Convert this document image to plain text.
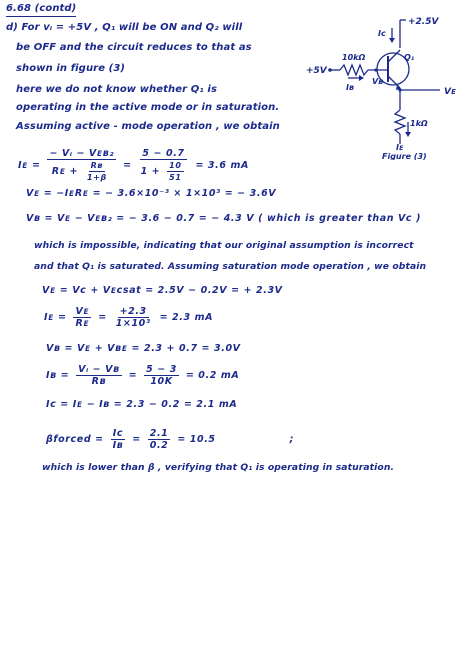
6.68 (contd)
d) For vᵢ = +5V , Q₁ will be ON and Q₂ will
be OFF and the circuit reduces to that as
shown in figure (3)
here we do not know whether Q₁ is
operating in the active mode or in saturation.
Assuming active - mode operation , we obtain
+2.5V
Iᴄ
Q₁
10kΩ
+5V
Iʙ
Vʙ
Vᴇ
1kΩ
Iᴇ
Figure (3)
Iᴇ = $\frac{\text{− Vᵢ − Vᴇʙ₂}}{Rᴇ + \frac{\text{Rʙ}}{1+\beta}} = \frac{5 - 0.7}{1 + \frac{10}{51}} = 3.6$ mA
Vᴇ = −IᴇRᴇ = − 3.6×10⁻³ × 1×10³ = − 3.6V
Vʙ = Vᴇ − Vᴇʙ₂ = − 3.6 − 0.7 = − 4.3 V ( which is greater than Vᴄ )
which is impossible, indicating that our original assumption is incorrect
and that Q₁ is saturated. Assuming saturation mode operation , we obtain
Vᴇ = Vᴄ + Vᴇᴄsat = 2.5V − 0.2V = + 2.3V
Iᴇ = $\frac{\text{Vᴇ}}{\text{Rᴇ}} = \frac{+2.3}{\text{1×10³}} = 2.3$ mA
Vʙ = Vᴇ + Vʙᴇ = 2.3 + 0.7 = 3.0V
Iʙ = $\frac{\text{Vᵢ − Vʙ}}{\text{Rʙ}} = \frac{5 - 3}{10K} = 0.2$ mA
Iᴄ = Iᴇ − Iʙ = 2.3 − 0.2 = 2.1 mA
βforced = $\frac{\text{Iᴄ}}{\text{Iʙ}} = \frac{2.1}{0.2} = 10.5$	;
which is lower than β , verifying that Q₁ is operating in saturation.
